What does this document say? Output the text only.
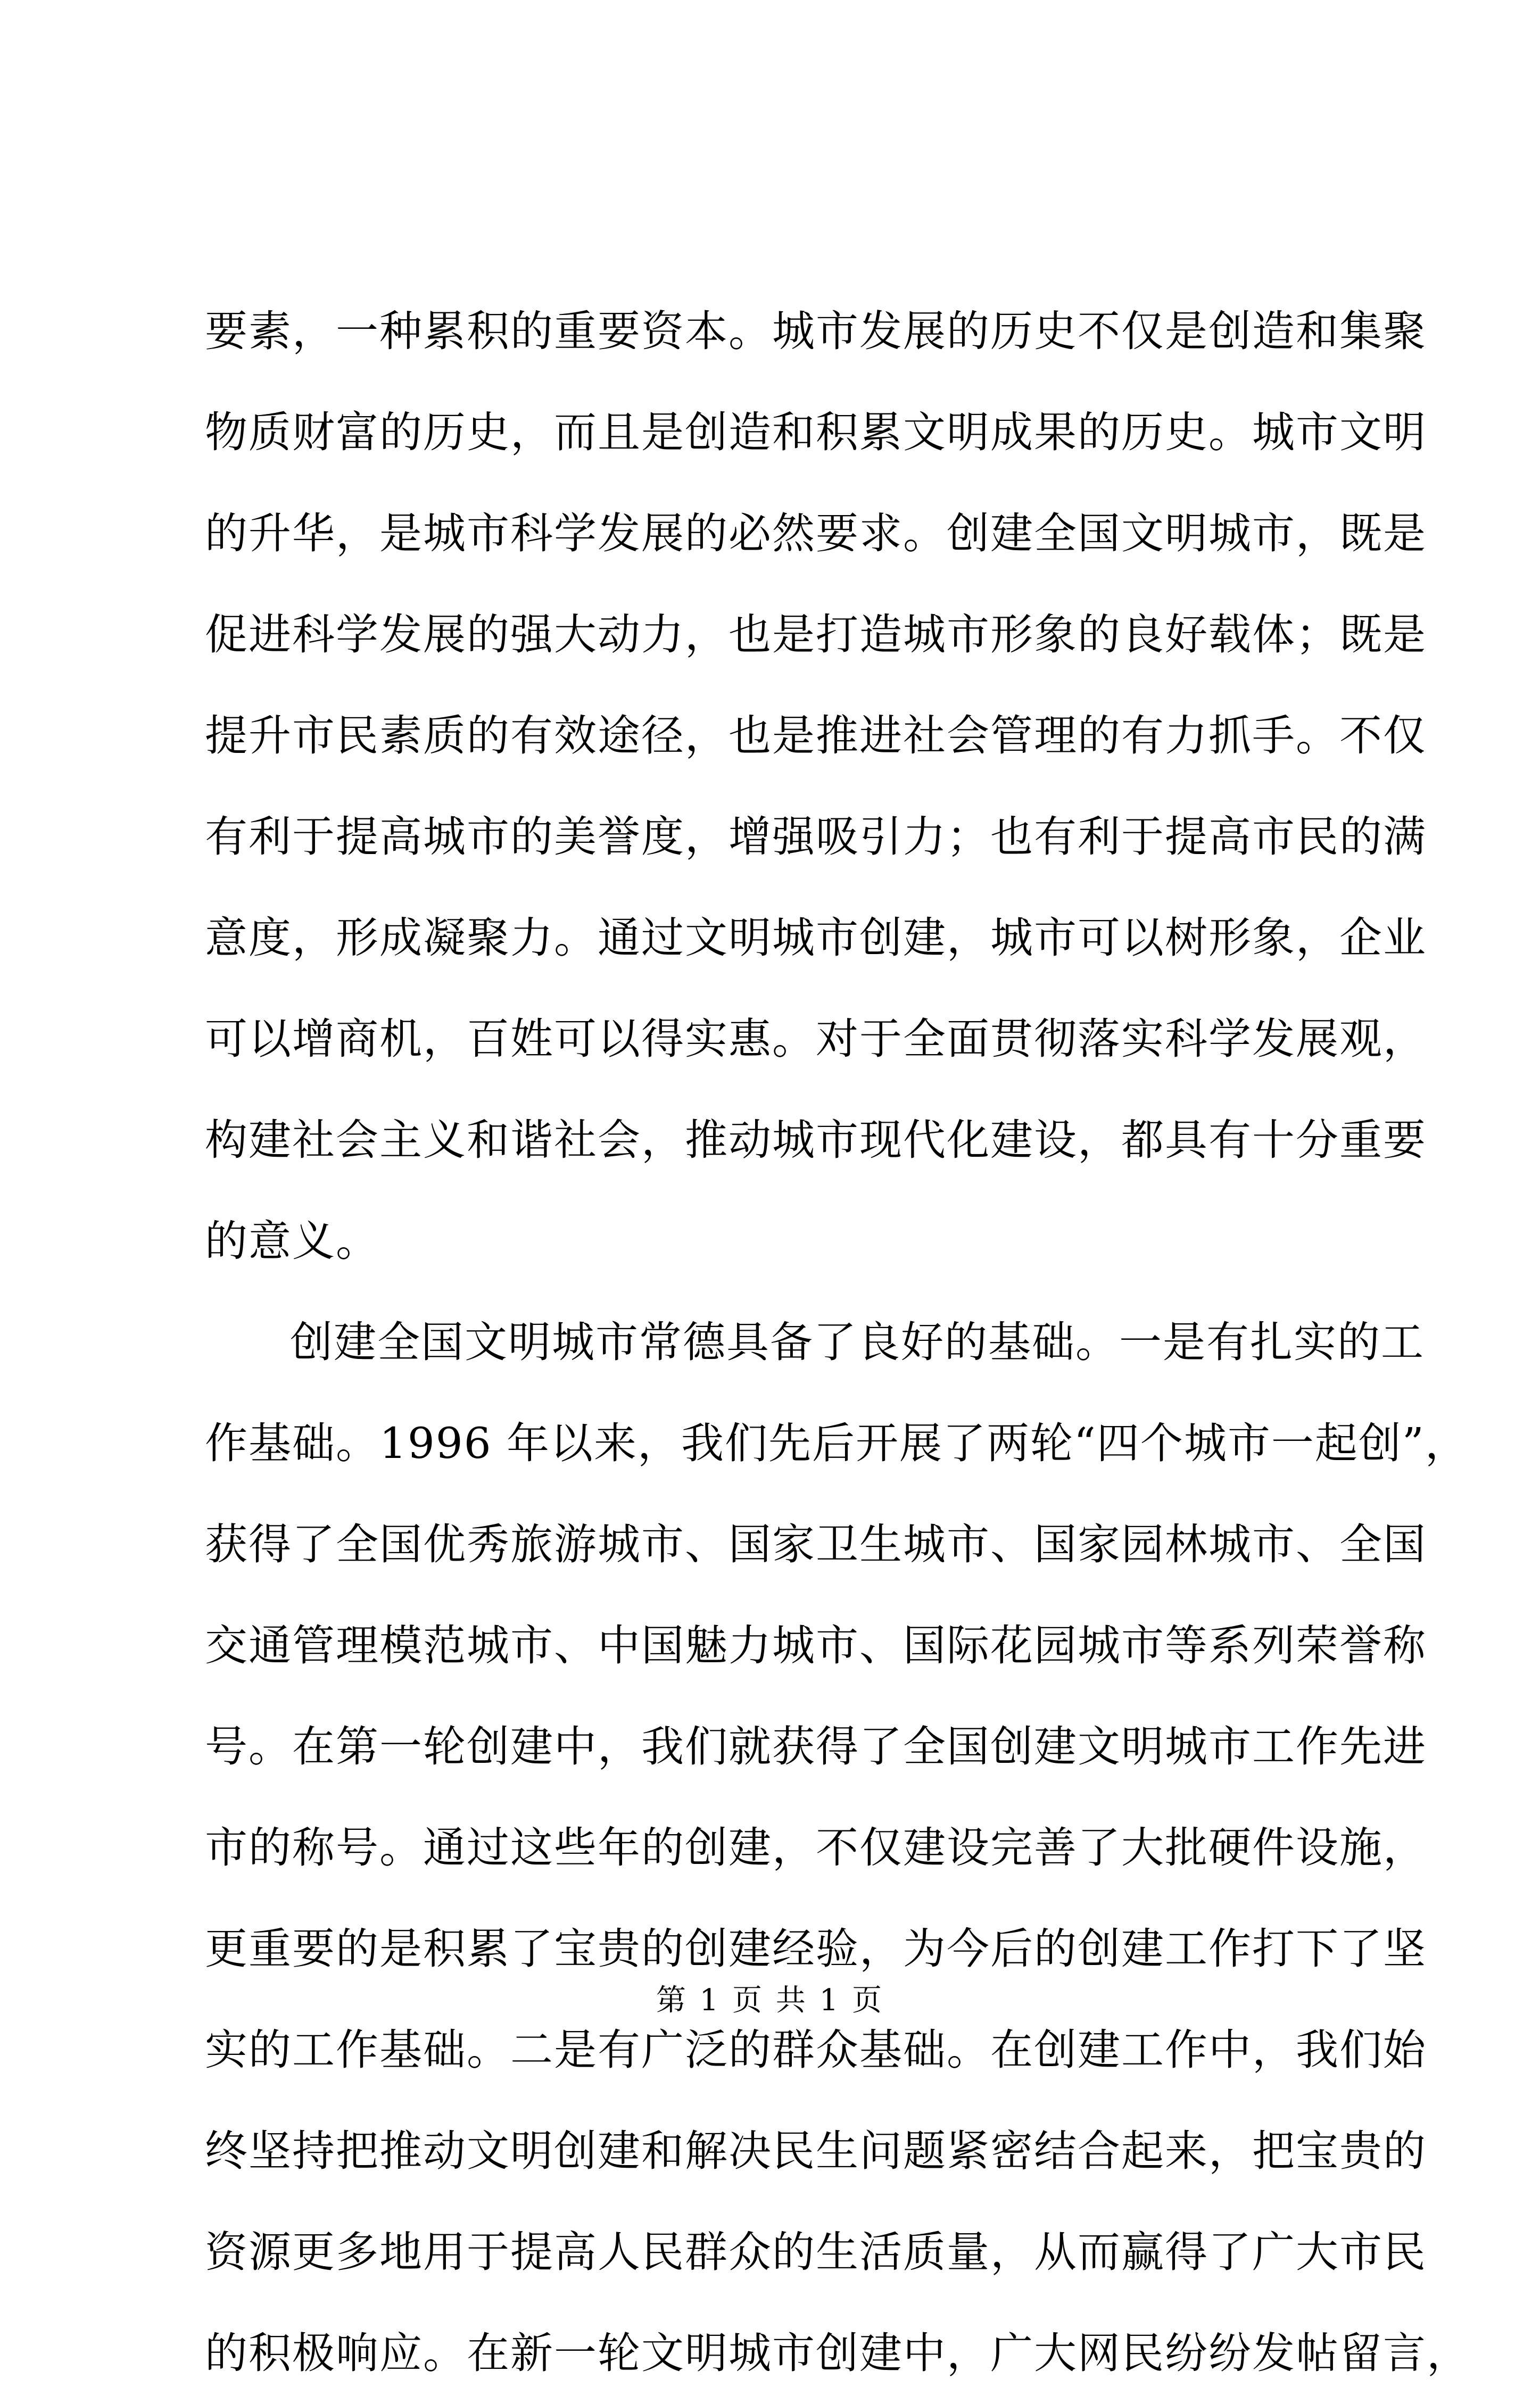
要素，一种累积的重要资本。城市发展的历史不仅是创造和集聚
物质财富的历史，而且是创造和积累文明成果的历史。城市文明
的升华，是城市科学发展的必然要求。创建全国文明城市，既是
促进科学发展的强大动力，也是打造城市形象的良好载体；既是
提升市民素质的有效途径，也是推进社会管理的有力抓手。不仅
有利于提高城市的美誉度，增强吸引力；也有利于提高市民的满
意度，形成凝聚力。通过文明城市创建，城市可以树形象，企业
可以增商机，百姓可以得实惠。对于全面贯彻落实科学发展观，
构建社会主义和谐社会，推动城市现代化建设，都具有十分重要
的意义。
创建全国文明城市常德具备了良好的基础。一是有扎实的工
作基础。1996 年以来，我们先后开展了两轮“四个城市一起创”，
获得了全国优秀旅游城市、国家卫生城市、国家园林城市、全国
交通管理模范城市、中国魅力城市、国际花园城市等系列荣誉称
号。在第一轮创建中，我们就获得了全国创建文明城市工作先进
市的称号。通过这些年的创建，不仅建设完善了大批硬件设施，
更重要的是积累了宝贵的创建经验，为今后的创建工作打下了坚
实的工作基础。二是有广泛的群众基础。在创建工作中，我们始
终坚持把推动文明创建和解决民生问题紧密结合起来，把宝贵的
资源更多地用于提高人民群众的生活质量，从而赢得了广大市民
的积极响应。在新一轮文明城市创建中，广大网民纷纷发帖留言，
第 1 页 共 1 页
